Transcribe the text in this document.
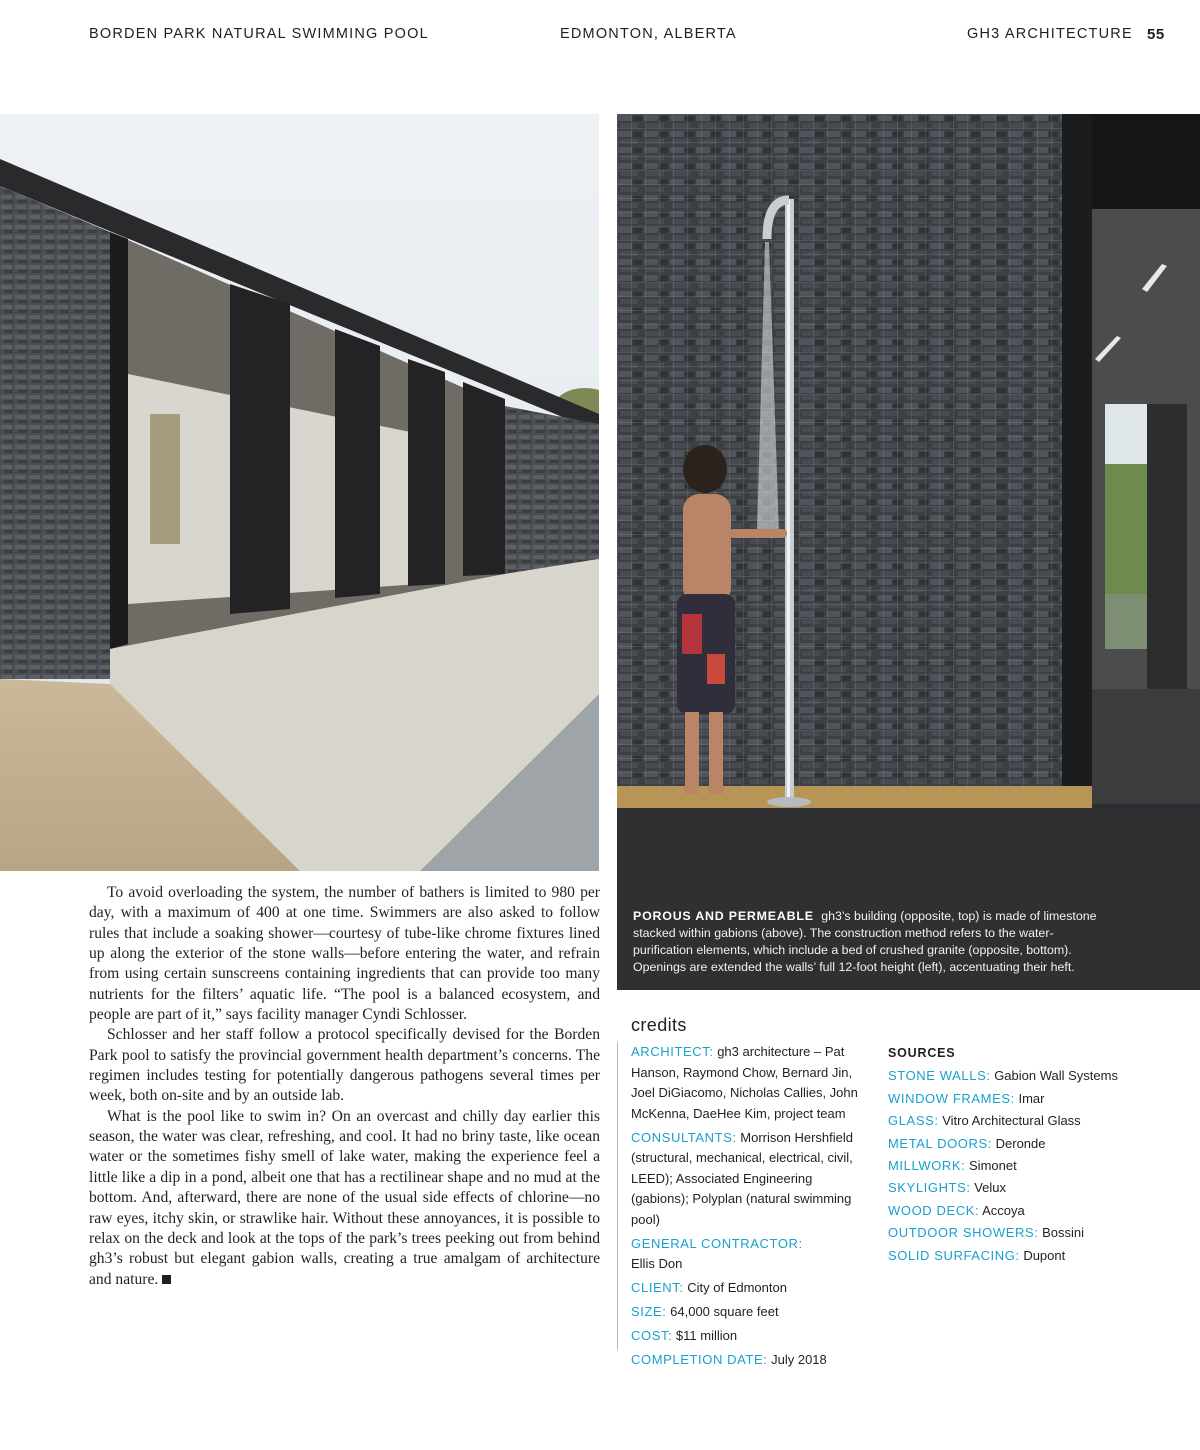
BORDEN PARK NATURAL SWIMMING POOL	EDMONTON, ALBERTA	GH3 ARCHITECTURE 55

To avoid overloading the system, the number of bathers is limited to 980 per day, with a maximum of 400 at one time. Swimmers are also asked to follow rules that include a soaking shower—courtesy of tube-like chrome fixtures lined up along the exterior of the stone walls—before entering the water, and refrain from using certain sunscreens containing ingredients that can provide too many nutrients for the filters’ aquatic life. “The pool is a balanced ecosystem, and people are part of it,” says facility manager Cyndi Schlosser.

Schlosser and her staff follow a protocol specifically devised for the Borden Park pool to satisfy the provincial government health department’s concerns. The regimen includes testing for potentially dangerous pathogens several times per week, both on-site and by an outside lab.

What is the pool like to swim in? On an overcast and chilly day earlier this season, the water was clear, refreshing, and cool. It had no briny taste, like ocean water or the sometimes fishy smell of lake water, making the experience feel a little like a dip in a pond, albeit one that has a rectilinear shape and no mud at the bottom. And, afterward, there are none of the usual side effects of chlorine—no raw eyes, itchy skin, or strawlike hair. Without these annoyances, it is possible to relax on the deck and look at the tops of the park’s trees peeking out from behind gh3’s robust but elegant gabion walls, creating a true amalgam of architecture and nature.

POROUS AND PERMEABLE gh3’s building (opposite, top) is made of limestone stacked within gabions (above). The construction method refers to the water-purification elements, which include a bed of crushed granite (opposite, bottom). Openings are extended the walls’ full 12-foot height (left), accentuating their heft.
credits
ARCHITECT: gh3 architecture – Pat Hanson, Raymond Chow, Bernard Jin, Joel DiGiacomo, Nicholas Callies, John McKenna, DaeHee Kim, project team
CONSULTANTS: Morrison Hershfield (structural, mechanical, electrical, civil, LEED); Associated Engineering (gabions); Polyplan (natural swimming pool)
GENERAL CONTRACTOR:
Ellis Don
CLIENT: City of Edmonton
SIZE: 64,000 square feet
COST: $11 million
COMPLETION DATE: July 2018
SOURCES
STONE WALLS: Gabion Wall Systems
WINDOW FRAMES: Imar
GLASS: Vitro Architectural Glass
METAL DOORS: Deronde
MILLWORK: Simonet
SKYLIGHTS: Velux
WOOD DECK: Accoya
OUTDOOR SHOWERS: Bossini
SOLID SURFACING: Dupont
